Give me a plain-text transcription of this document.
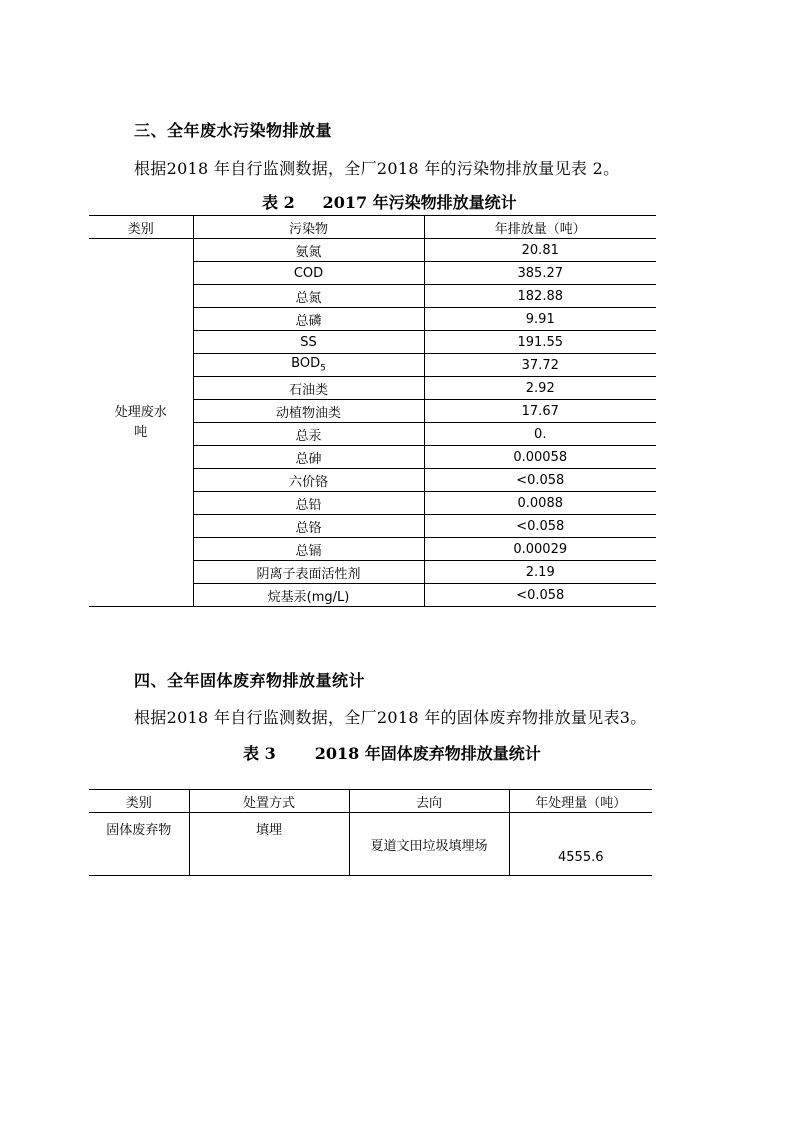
三、全年废水污染物排放量
根据2018 年自行监测数据，全厂2018 年的污染物排放量见表 2。
表 2     2017 年污染物排放量统计
类别	污染物	年排放量（吨）
处理废水
吨	氨氮	20.81
	COD	385.27
	总氮	182.88
	总磷	9.91
	SS	191.55
	$BOD_5$	37.72
	石油类	2.92
	动植物油类	17.67
	总汞	0.
	总砷	0.00058
	六价铬	<0.058
	总铅	0.0088
	总铬	<0.058
	总镉	0.00029
	阴离子表面活性剂	2.19
	烷基汞(mg/L)	<0.058
四、全年固体废弃物排放量统计
根据2018 年自行监测数据，全厂2018 年的固体废弃物排放量见表3。
表 3       2018 年固体废弃物排放量统计
类别	处置方式	去向	年处理量（吨）
固体废弃物	填埋	夏道文田垃圾填埋场	4555.6
